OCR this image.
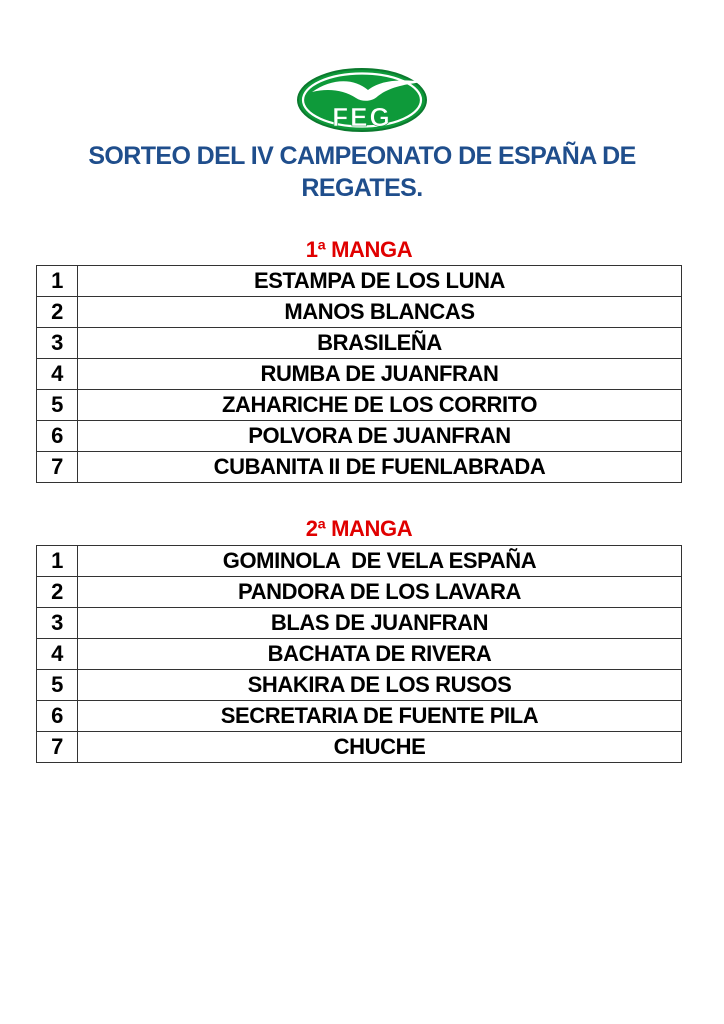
FEG
SORTEO DEL IV CAMPEONATO DE ESPAÑA DE
REGATES.
1ª MANGA
1	ESTAMPA DE LOS LUNA
2	MANOS BLANCAS
3	BRASILEÑA
4	RUMBA DE JUANFRAN
5	ZAHARICHE DE LOS CORRITO
6	POLVORA DE JUANFRAN
7	CUBANITA II DE FUENLABRADA
2ª MANGA
1	GOMINOLA  DE VELA ESPAÑA
2	PANDORA DE LOS LAVARA
3	BLAS DE JUANFRAN
4	BACHATA DE RIVERA
5	SHAKIRA DE LOS RUSOS
6	SECRETARIA DE FUENTE PILA
7	CHUCHE
